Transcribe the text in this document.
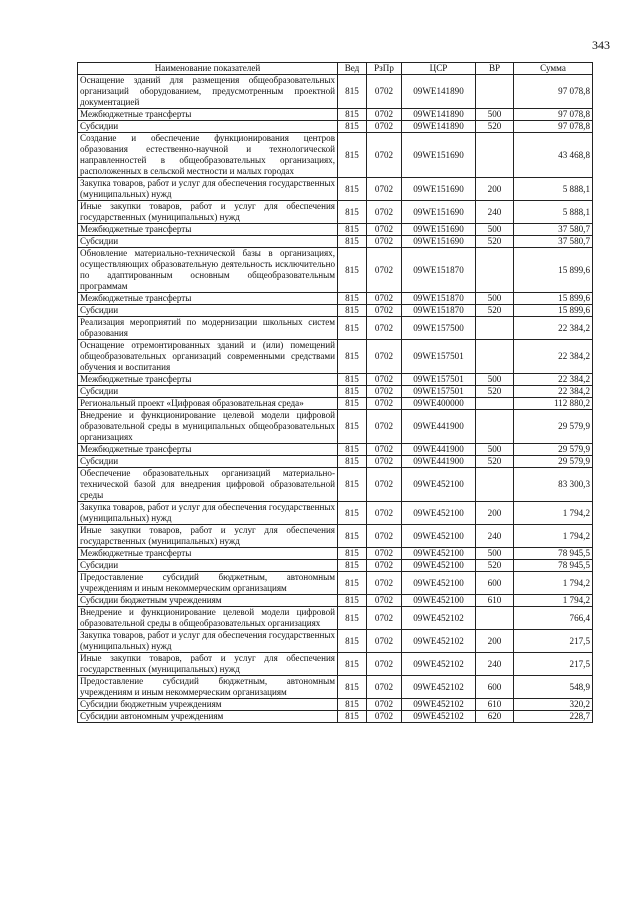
343
Наименование показателей	Вед	РзПр	ЦСР	ВР	Сумма
Оснащение зданий для размещения общеобразовательных организаций оборудованием, предусмотренным проектной документацией	815	0702	09WE141890		97 078,8
Межбюджетные трансферты	815	0702	09WE141890	500	97 078,8
Субсидии	815	0702	09WE141890	520	97 078,8
Создание и обеспечение функционирования центров образования естественно-научной и технологической направленностей в общеобразовательных организациях, расположенных в сельской местности и малых городах	815	0702	09WE151690		43 468,8
Закупка товаров, работ и услуг для обеспечения государственных (муниципальных) нужд	815	0702	09WE151690	200	5 888,1
Иные закупки товаров, работ и услуг для обеспечения государственных (муниципальных) нужд	815	0702	09WE151690	240	5 888,1
Межбюджетные трансферты	815	0702	09WE151690	500	37 580,7
Субсидии	815	0702	09WE151690	520	37 580,7
Обновление материально-технической базы в организациях, осуществляющих образовательную деятельность исключительно по адаптированным основным общеобразовательным программам	815	0702	09WE151870		15 899,6
Межбюджетные трансферты	815	0702	09WE151870	500	15 899,6
Субсидии	815	0702	09WE151870	520	15 899,6
Реализация мероприятий по модернизации школьных систем образования	815	0702	09WE157500		22 384,2
Оснащение отремонтированных зданий и (или) помещений общеобразовательных организаций современными средствами обучения и воспитания	815	0702	09WE157501		22 384,2
Межбюджетные трансферты	815	0702	09WE157501	500	22 384,2
Субсидии	815	0702	09WE157501	520	22 384,2
Региональный проект «Цифровая образовательная среда»	815	0702	09WE400000		112 880,2
Внедрение и функционирование целевой модели цифровой образовательной среды в муниципальных общеобразовательных организациях	815	0702	09WE441900		29 579,9
Межбюджетные трансферты	815	0702	09WE441900	500	29 579,9
Субсидии	815	0702	09WE441900	520	29 579,9
Обеспечение образовательных организаций материально-технической базой для внедрения цифровой образовательной среды	815	0702	09WE452100		83 300,3
Закупка товаров, работ и услуг для обеспечения государственных (муниципальных) нужд	815	0702	09WE452100	200	1 794,2
Иные закупки товаров, работ и услуг для обеспечения государственных (муниципальных) нужд	815	0702	09WE452100	240	1 794,2
Межбюджетные трансферты	815	0702	09WE452100	500	78 945,5
Субсидии	815	0702	09WE452100	520	78 945,5
Предоставление субсидий бюджетным, автономным учреждениям и иным некоммерческим организациям	815	0702	09WE452100	600	1 794,2
Субсидии бюджетным учреждениям	815	0702	09WE452100	610	1 794,2
Внедрение и функционирование целевой модели цифровой образовательной среды в общеобразовательных организациях	815	0702	09WE452102		766,4
Закупка товаров, работ и услуг для обеспечения государственных (муниципальных) нужд	815	0702	09WE452102	200	217,5
Иные закупки товаров, работ и услуг для обеспечения государственных (муниципальных) нужд	815	0702	09WE452102	240	217,5
Предоставление субсидий бюджетным, автономным учреждениям и иным некоммерческим организациям	815	0702	09WE452102	600	548,9
Субсидии бюджетным учреждениям	815	0702	09WE452102	610	320,2
Субсидии автономным учреждениям	815	0702	09WE452102	620	228,7
